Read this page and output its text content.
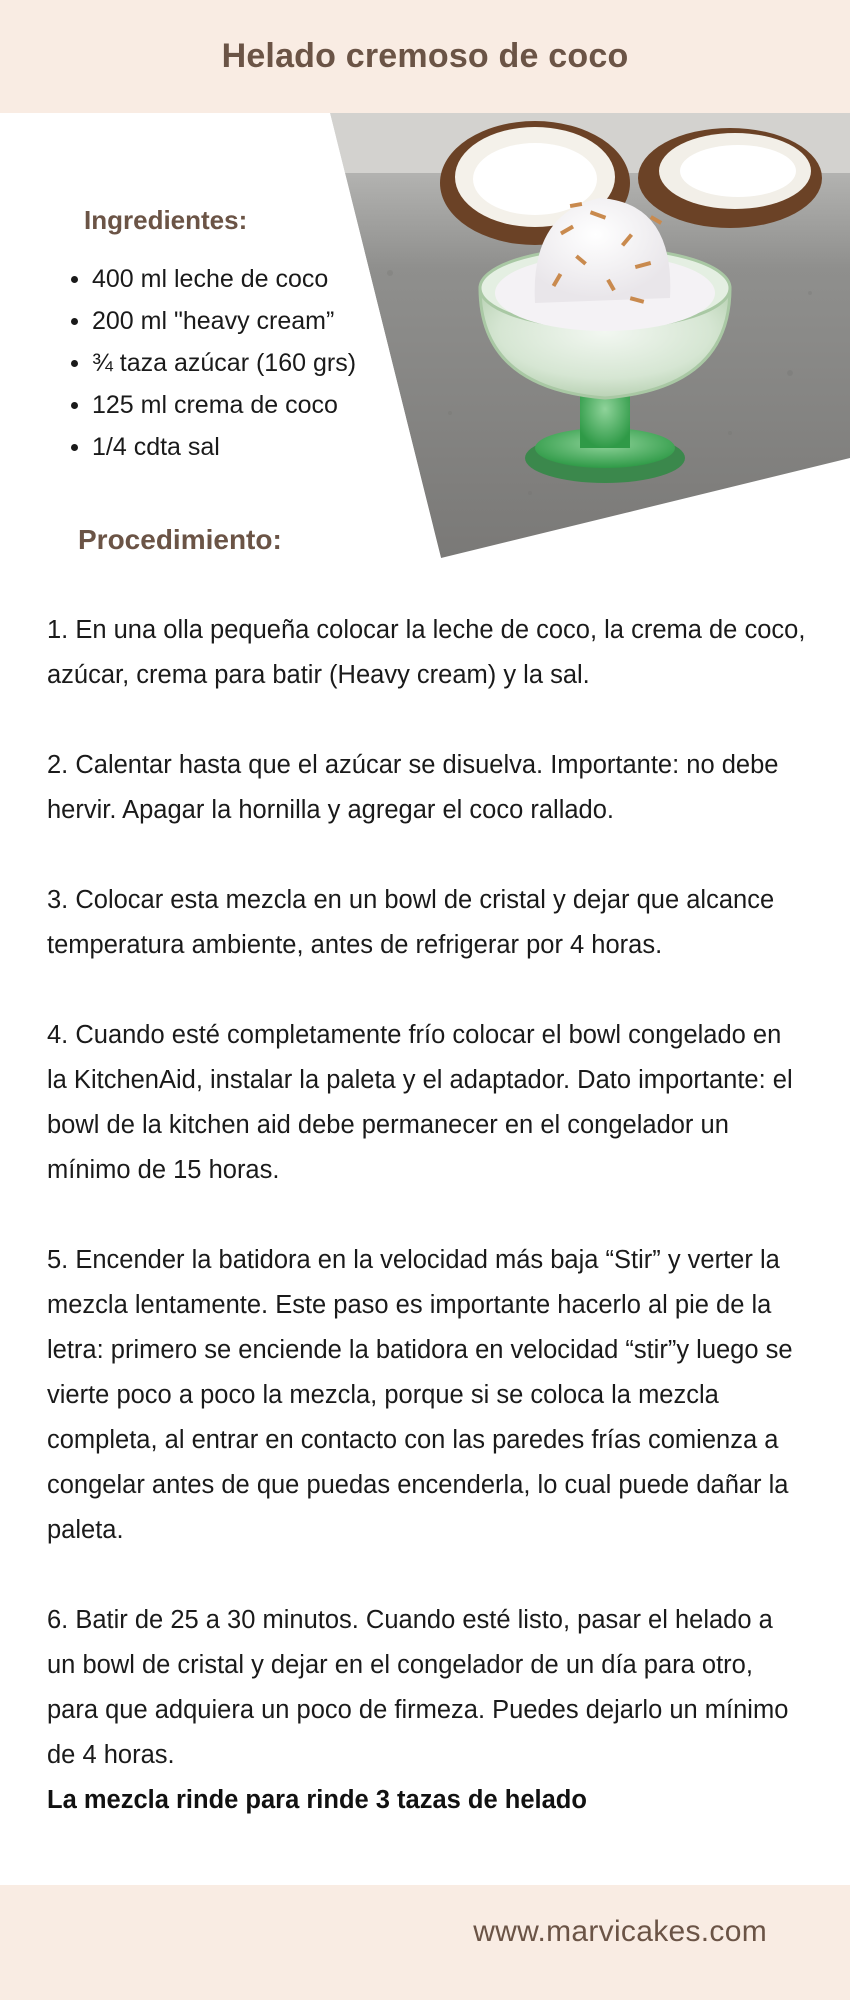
Helado cremoso de coco
Ingredientes:
400 ml leche de coco
200 ml "heavy cream”
¾ taza azúcar (160 grs)
125 ml crema de coco
1/4 cdta sal
Procedimiento:

1. En una olla pequeña colocar la leche de coco, la crema de coco, azúcar, crema para batir (Heavy cream) y la sal.

2. Calentar hasta que el azúcar se disuelva. Importante: no debe hervir. Apagar la hornilla y agregar el coco rallado.

3. Colocar esta mezcla en un bowl de cristal y dejar que alcance temperatura ambiente, antes de refrigerar por 4 horas.

4. Cuando esté completamente frío colocar el bowl congelado en la KitchenAid, instalar la paleta y el adaptador. Dato importante: el bowl de la kitchen aid debe permanecer en el congelador un mínimo de 15 horas.

5. Encender la batidora en la velocidad más baja “Stir” y verter la mezcla lentamente. Este paso es importante hacerlo al pie de la letra: primero se enciende la batidora en velocidad “stir”y luego se vierte poco a poco la mezcla, porque si se coloca la mezcla completa, al entrar en contacto con las paredes frías comienza a congelar antes de que puedas encenderla, lo cual puede dañar la paleta.

6. Batir de 25 a 30 minutos. Cuando esté listo, pasar el helado a un bowl de cristal y dejar en el congelador de un día para otro, para que adquiera un poco de firmeza. Puedes dejarlo un mínimo de 4 horas.

La mezcla rinde para rinde 3 tazas de helado

www.marvicakes.com
